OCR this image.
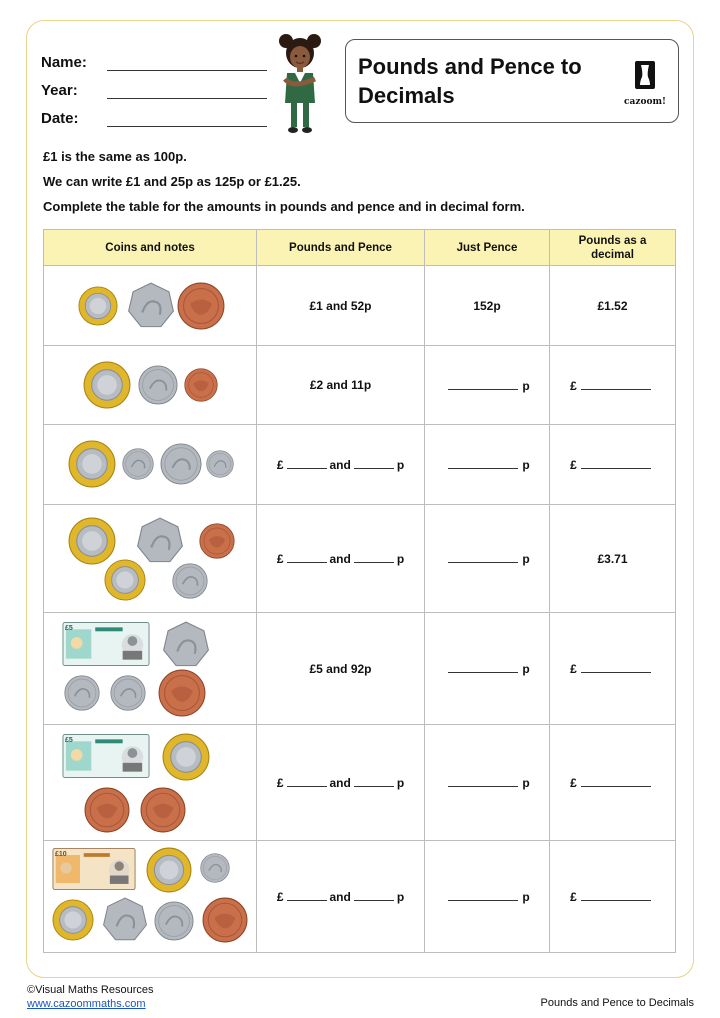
Name:
Year:
Date:
Pounds and Pence to
Decimals	cazoom!

£1 is the same as 100p.

We can write £1 and 25p as 125p or £1.25.

Complete the table for the amounts in pounds and pence and in decimal form.

Coins and notes	Pounds and Pence	Just Pence	Pounds as a decimal

	£1 and 52p	152p	£1.52

	£2 and 11p	p	£

	£ and p	p	£

	£ and p	p	£3.71

£5	£5 and 92p	p	£

£5	£ and p	p	£

£10	£ and p	p	£
©Visual Maths Resources
www.cazoommaths.com	Pounds and Pence to Decimals
